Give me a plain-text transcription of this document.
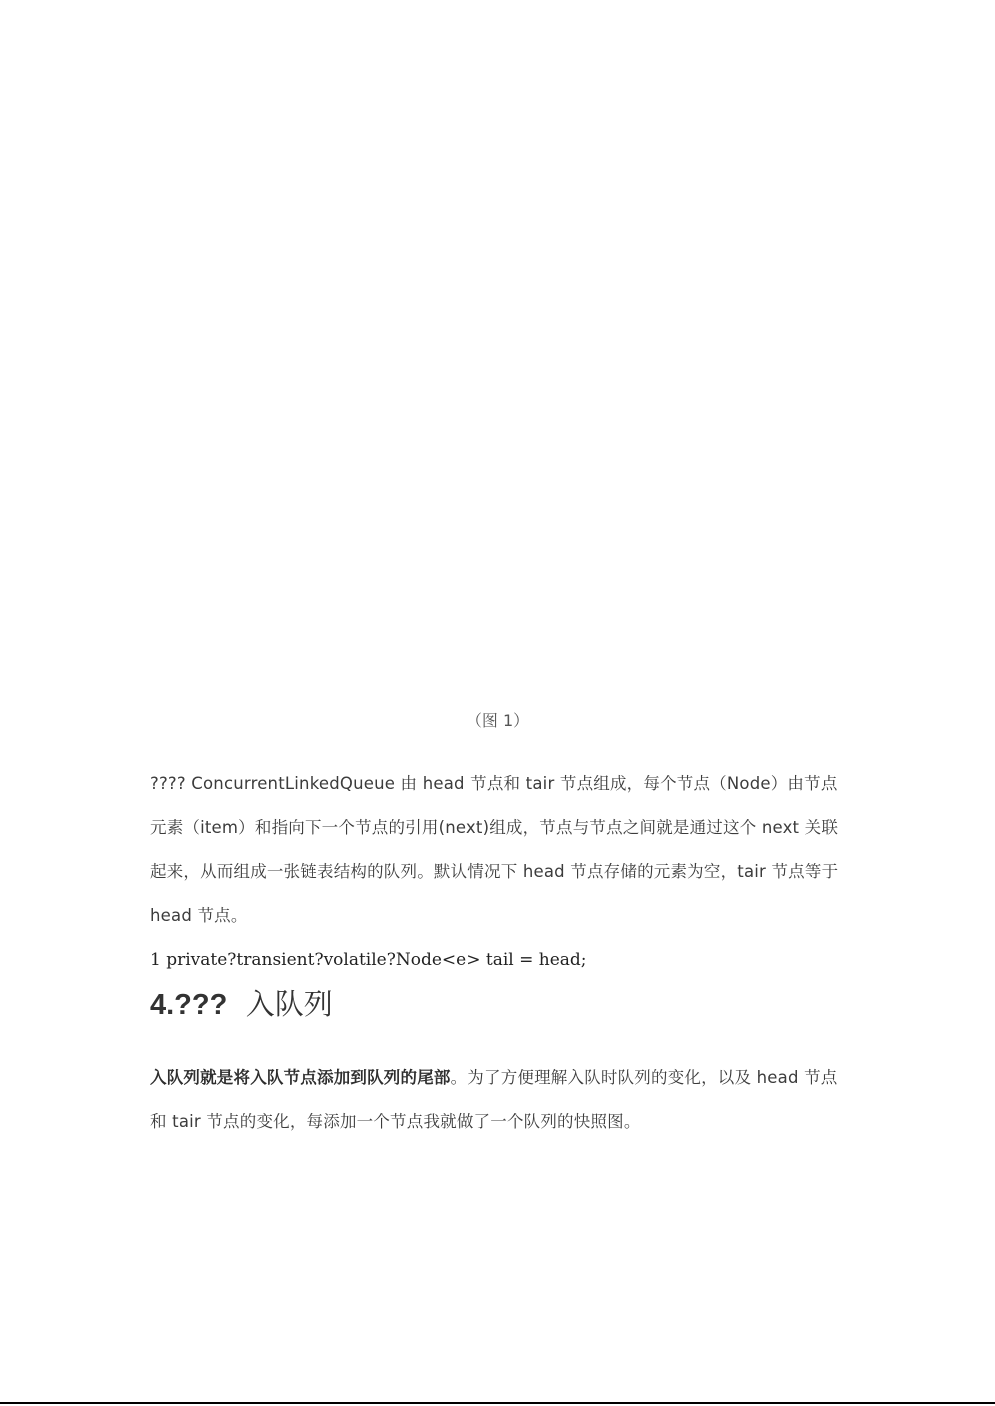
（图 1）
???? ConcurrentLinkedQueue 由 head 节点和 tair 节点组成，每个节点（Node）由节点元素（item）和指向下一个节点的引用(next)组成，节点与节点之间就是通过这个 next 关联起来，从而组成一张链表结构的队列。默认情况下 head 节点存储的元素为空，tair 节点等于 head 节点。
1 private?transient?volatile?Node<e> tail = head;
4.??? 入队列
入队列就是将入队节点添加到队列的尾部。为了方便理解入队时队列的变化，以及 head 节点和 tair 节点的变化，每添加一个节点我就做了一个队列的快照图。
